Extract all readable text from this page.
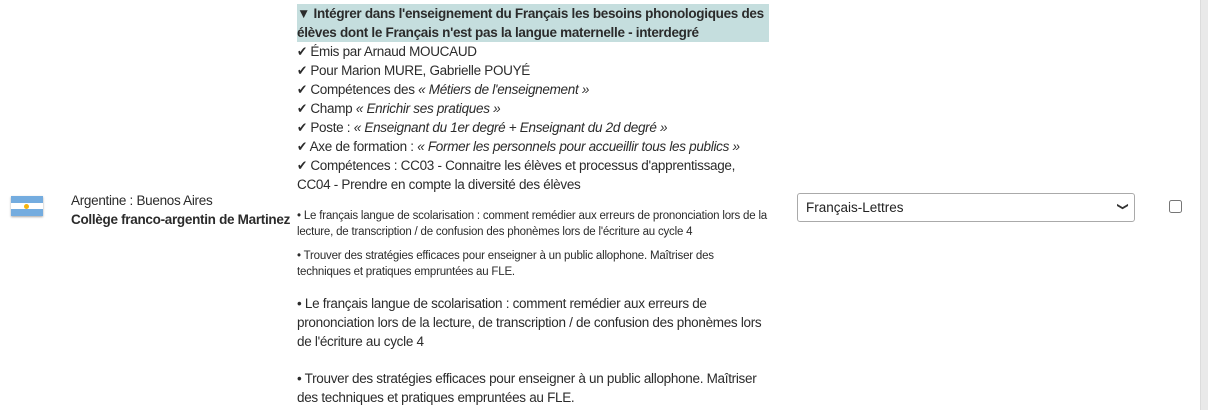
Argentine : Buenos Aires
Collège franco-argentin de Martinez
▼ Intégrer dans l'enseignement du Français les besoins phonologiques des élèves dont le Français n'est pas la langue maternelle - interdegré
✔ Émis par Arnaud MOUCAUD
✔ Pour Marion MURE, Gabrielle POUYÉ
✔ Compétences des « Métiers de l'enseignement »
✔ Champ « Enrichir ses pratiques »
✔ Poste : « Enseignant du 1er degré + Enseignant du 2d degré »
✔ Axe de formation : « Former les personnels pour accueillir tous les publics »
✔ Compétences : CC03 - Connaitre les élèves et processus d'apprentissage, CC04 - Prendre en compte la diversité des élèves
• Le français langue de scolarisation : comment remédier aux erreurs de prononciation lors de la lecture, de transcription / de confusion des phonèmes lors de l'écriture au cycle 4
• Trouver des stratégies efficaces pour enseigner à un public allophone. Maîtriser des techniques et pratiques empruntées au FLE.
• Le français langue de scolarisation : comment remédier aux erreurs de prononciation lors de la lecture, de transcription / de confusion des phonèmes lors de l'écriture au cycle 4
• Trouver des stratégies efficaces pour enseigner à un public allophone. Maîtriser des techniques et pratiques empruntées au FLE.
Français-Lettres
❮
